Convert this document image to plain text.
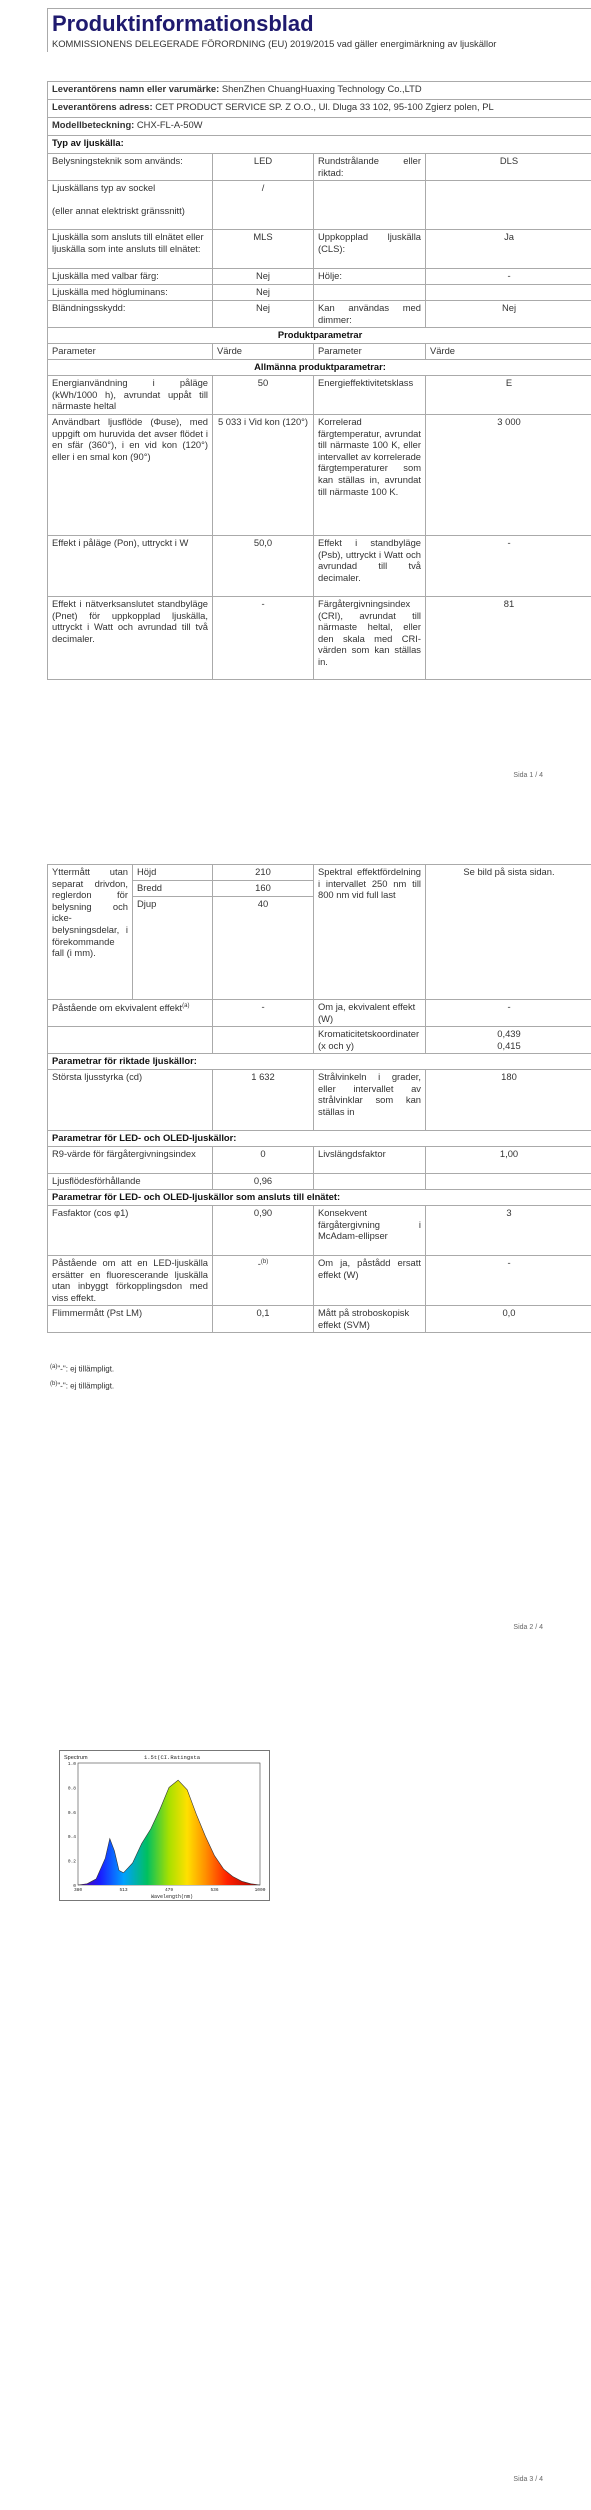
Produktinformationsblad
KOMMISSIONENS DELEGERADE FÖRORDNING (EU) 2019/2015 vad gäller energimärkning av ljuskällor
Leverantörens namn eller varumärke: ShenZhen ChuangHuaxing Technology Co.,LTD			
Leverantörens adress: CET PRODUCT SERVICE SP. Z O.O., Ul. Dluga 33 102, 95-100 Zgierz polen, PL			
Modellbeteckning: CHX-FL-A-50W			
Typ av ljuskälla:			
Belysningsteknik som används:	LED	Rundstrålande eller riktad:	DLS
Ljuskällans typ av sockel

(eller annat elektriskt gränssnitt)	/		
Ljuskälla som ansluts till elnätet eller ljuskälla som inte ansluts till elnätet:	MLS	Uppkopplad ljuskälla (CLS):	Ja
Ljuskälla med valbar färg:	Nej	Hölje:	-
Ljuskälla med högluminans:	Nej		
Bländningsskydd:	Nej	Kan användas med dimmer:	Nej
Produktparametrar			
Parameter	Värde	Parameter	Värde
Allmänna produktparametrar:			
Energianvändning i påläge (kWh/1000 h), avrundat uppåt till närmaste heltal	50	Energieffektivitetsklass	E
Användbart ljusflöde (Φuse), med uppgift om huruvida det avser flödet i en sfär (360°), i en vid kon (120°) eller i en smal kon (90°)	5 033 i Vid kon (120°)	Korrelerad färgtemperatur, avrundat till närmaste 100 K, eller intervallet av korrelerade färgtemperaturer som kan ställas in, avrundat till närmaste 100 K.	3 000
Effekt i påläge (Pon), uttryckt i W	50,0	Effekt i standbyläge (Psb), uttryckt i Watt och avrundad till två decimaler.	-
Effekt i nätverksanslutet standbyläge (Pnet) för uppkopplad ljuskälla, uttryckt i Watt och avrundad till två decimaler.	-	Färgåtergivningsindex (CRI), avrundat till närmaste heltal, eller den skala med CRI-värden som kan ställas in.	81
Sida 1 / 4
Yttermått utan separat drivdon, reglerdon för belysning och icke-belysningsdelar, i förekommande fall (i mm).	Höjd	210	Spektral effektfördelning i intervallet 250 nm till 800 nm vid full last	Se bild på sista sidan.
	Bredd	160		
	Djup	40		
Påstående om ekvivalent effekt$^{(a)}$		-	Om ja, ekvivalent effekt (W)	-
			Kromaticitetskoordinater (x och y)	0,439
0,415
Parametrar för riktade ljuskällor:				
Största ljusstyrka (cd)		1 632	Strålvinkeln i grader, eller intervallet av strålvinklar som kan ställas in	180
Parametrar för LED- och OLED-ljuskällor:				
R9-värde för färgåtergivningsindex		0	Livslängdsfaktor	1,00
Ljusflödesförhållande		0,96		
Parametrar för LED- och OLED-ljuskällor som ansluts till elnätet:				
Fasfaktor (cos φ1)		0,90	Konsekvent färgåtergivning i McAdam-ellipser	3
Påstående om att en LED-ljuskälla ersätter en fluorescerande ljuskälla utan inbyggt förkopplingsdon med viss effekt.		-$^{(b)}$	Om ja, påstådd ersatt effekt (W)	-
Flimmermått (Pst LM)		0,1	Mått på stroboskopisk effekt (SVM)	0,0
$^{(a)}$"-": ej tillämpligt.
$^{(b)}$"-": ej tillämpligt.
Sida 2 / 4
1.0
0.8
0.6
0.4
0.2
0
380	513	479	536	1000
Spectrum	1.5t(CI.Ratingsta
Wavelength(nm)
Sida 3 / 4
